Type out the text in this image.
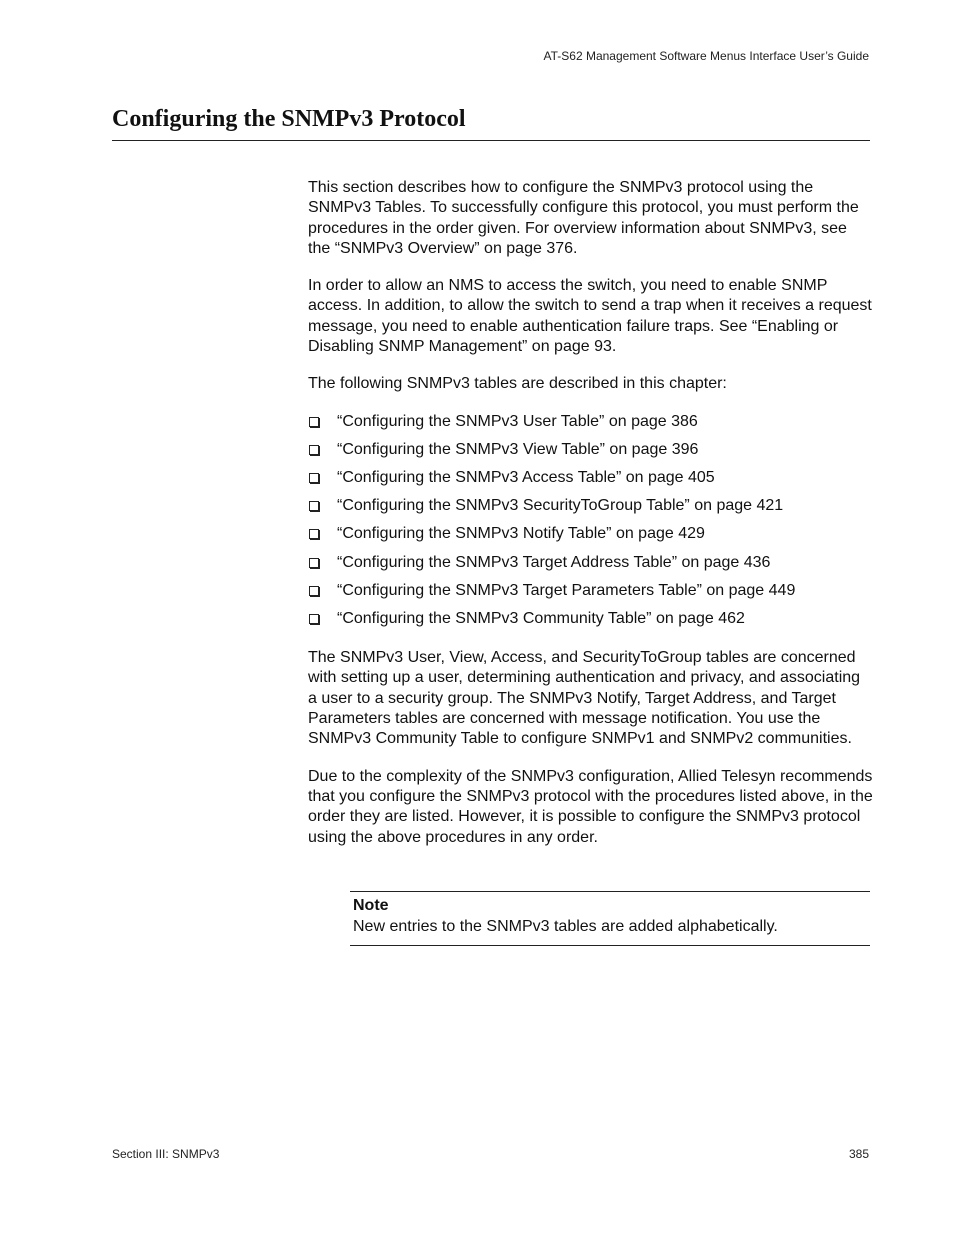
AT-S62 Management Software Menus Interface User’s Guide
Configuring the SNMPv3 Protocol

This section describes how to configure the SNMPv3 protocol using the SNMPv3 Tables. To successfully configure this protocol, you must perform the procedures in the order given. For overview information about SNMPv3, see the “SNMPv3 Overview” on page 376.

In order to allow an NMS to access the switch, you need to enable SNMP access. In addition, to allow the switch to send a trap when it receives a request message, you need to enable authentication failure traps. See “Enabling or Disabling SNMP Management” on page 93.

The following SNMPv3 tables are described in this chapter:

“Configuring the SNMPv3 User Table” on page 386
“Configuring the SNMPv3 View Table” on page 396
“Configuring the SNMPv3 Access Table” on page 405
“Configuring the SNMPv3 SecurityToGroup Table” on page 421
“Configuring the SNMPv3 Notify Table” on page 429
“Configuring the SNMPv3 Target Address Table” on page 436
“Configuring the SNMPv3 Target Parameters Table” on page 449
“Configuring the SNMPv3 Community Table” on page 462

The SNMPv3 User, View, Access, and SecurityToGroup tables are concerned with setting up a user, determining authentication and privacy, and associating a user to a security group. The SNMPv3 Notify, Target Address, and Target Parameters tables are concerned with message notification. You use the SNMPv3 Community Table to configure SNMPv1 and SNMPv2 communities.

Due to the complexity of the SNMPv3 configuration, Allied Telesyn recommends that you configure the SNMPv3 protocol with the procedures listed above, in the order they are listed. However, it is possible to configure the SNMPv3 protocol using the above procedures in any order.

Note
New entries to the SNMPv3 tables are added alphabetically.
Section III: SNMPv3	385
